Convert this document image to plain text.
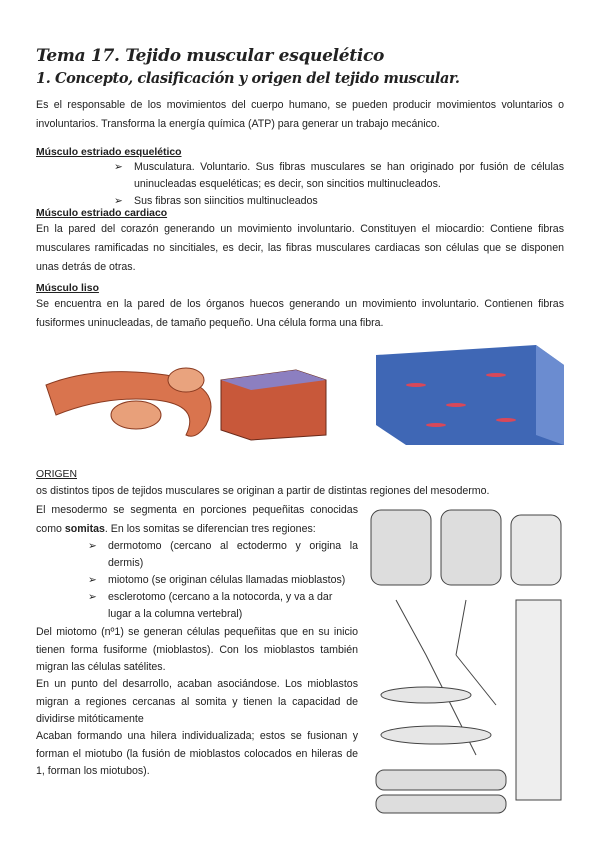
Tema 17. Tejido muscular esquelético
1. Concepto, clasificación y origen del tejido muscular.

Es el responsable de los movimientos del cuerpo humano, se pueden producir movimientos voluntarios o involuntarios. Transforma la energía química (ATP) para generar un trabajo mecánico.

Músculo estriado esquelético
➢	Musculatura. Voluntario. Sus fibras musculares se han originado por fusión de células uninucleadas esqueléticas; es decir, son sincitios multinucleados.
➢	Sus fibras son siincitios multinucleados
Músculo estriado cardiaco

En la pared del corazón generando un movimiento involuntario. Constituyen el miocardio: Contiene fibras musculares ramificadas no sincitiales, es decir, las fibras musculares cardiacas son células que se disponen unas detrás de otras.

Músculo liso

Se encuentra en la pared de los órganos huecos generando un movimiento involuntario. Contienen fibras fusiformes uninucleadas, de tamaño pequeño. Una célula forma una fibra.

ORIGEN

os distintos tipos de tejidos musculares se originan a partir de distintas regiones del mesodermo.

El mesodermo se segmenta en porciones pequeñitas conocidas como somitas. En los somitas se diferencian tres regiones:

➢	dermotomo (cercano al ectodermo y origina la dermis)
➢	miotomo (se originan células llamadas mioblastos)
➢	esclerotomo (cercano a la notocorda, y va a dar lugar a la columna vertebral)

Del miotomo (nº1) se generan células pequeñitas que en su inicio tienen forma fusiforme (mioblastos). Con los mioblastos también migran las células satélites.

En un punto del desarrollo, acaban asociándose. Los mioblastos migran a regiones cercanas al somita y tienen la capacidad de dividirse mitóticamente

Acaban formando una hilera individualizada; estos se fusionan y forman el miotubo (la fusión de mioblastos colocados en hileras de 1, forman los miotubos).
